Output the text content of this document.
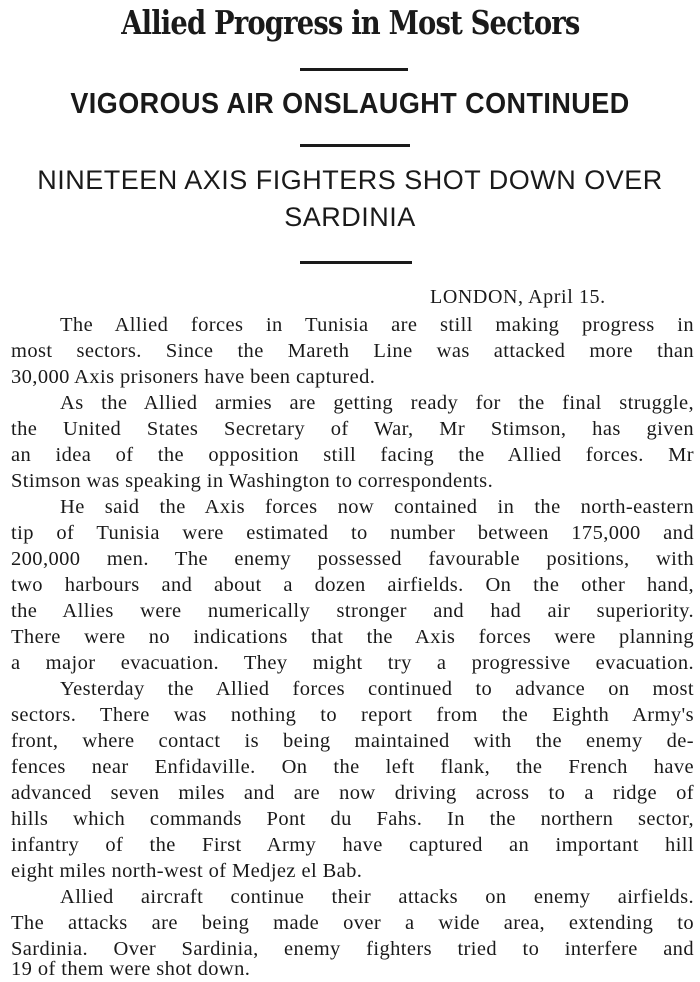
Allied Progress in Most Sectors
VIGOROUS AIR ONSLAUGHT CONTINUED
NINETEEN AXIS FIGHTERS SHOT DOWN OVER
SARDINIA
LONDON, April 15.
The Allied forces in Tunisia are still making progress in
most sectors. Since the Mareth Line was attacked more than
30,000 Axis prisoners have been captured.
As the Allied armies are getting ready for the final struggle,
the United States Secretary of War, Mr Stimson, has given
an idea of the opposition still facing the Allied forces. Mr
Stimson was speaking in Washington to correspondents.
He said the Axis forces now contained in the north-eastern
tip of Tunisia were estimated to number between 175,000 and
200,000 men. The enemy possessed favourable positions, with
two harbours and about a dozen airfields. On the other hand,
the Allies were numerically stronger and had air superiority.
There were no indications that the Axis forces were planning
a major evacuation. They might try a progressive evacuation.
Yesterday the Allied forces continued to advance on most
sectors. There was nothing to report from the Eighth Army's
front, where contact is being maintained with the enemy de-
fences near Enfidaville. On the left flank, the French have
advanced seven miles and are now driving across to a ridge of
hills which commands Pont du Fahs. In the northern sector,
infantry of the First Army have captured an important hill
eight miles north-west of Medjez el Bab.
Allied aircraft continue their attacks on enemy airfields.
The attacks are being made over a wide area, extending to
Sardinia. Over Sardinia, enemy fighters tried to interfere and
19 of them were shot down.
